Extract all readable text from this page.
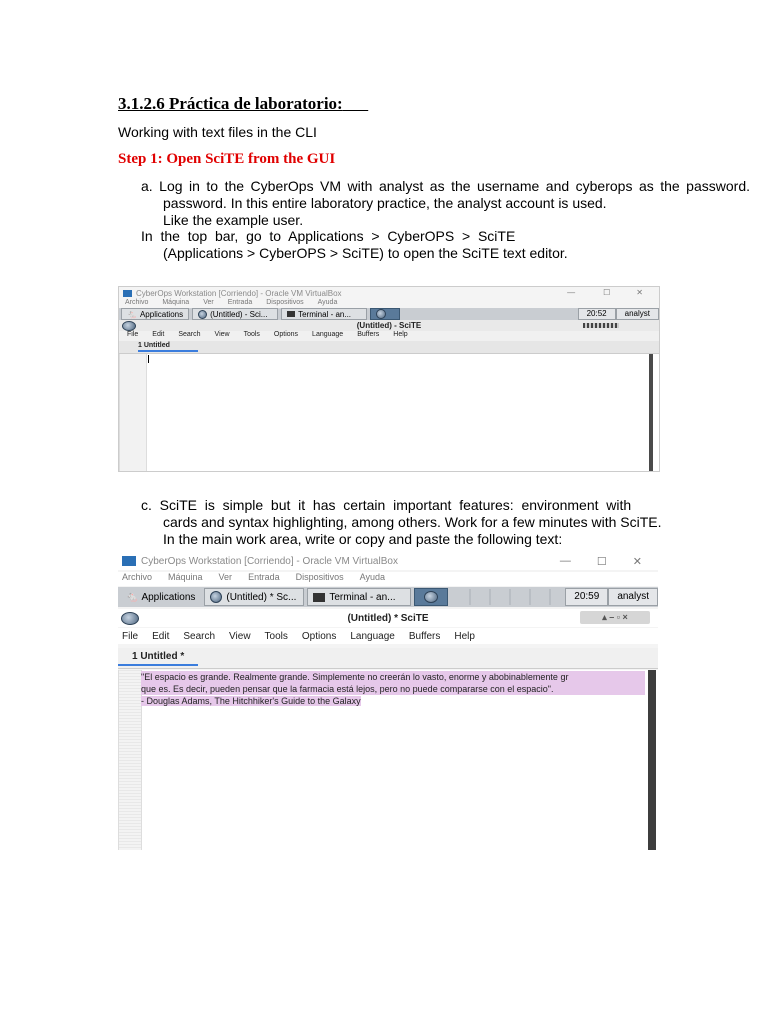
3.1.2.6 Práctica de laboratorio:
Working with text files in the CLI
Step 1: Open SciTE from the GUI
a. Log in to the CyberOps VM with analyst as the username and cyberops as the password.
password. In this entire laboratory practice, the analyst account is used.
Like the example user.
In  the  top  bar,  go  to  Applications  >  CyberOPS  >  SciTE
(Applications > CyberOPS > SciTE) to open the SciTE text editor.
CyberOps Workstation [Corriendo] - Oracle VM VirtualBox	—	☐	✕
Archivo Máquina Ver Entrada Dispositivos Ayuda
🐁 Applications	(Untitled) - Sci...	Terminal - an...	20:52	analyst
(Untitled) - SciTE
File Edit Search View Tools Options Language Buffers Help
1 Untitled
c.  SciTE  is  simple  but  it  has  certain  important  features:  environment  with
cards and syntax highlighting, among others. Work for a few minutes with SciTE.
In the main work area, write or copy and paste the following text:
CyberOps Workstation [Corriendo] - Oracle VM VirtualBox	— ☐ ✕
Archivo Máquina Ver Entrada Dispositivos Ayuda
🐁 Applications	(Untitled) * Sc...	Terminal - an...	20:59	analyst
(Untitled) * SciTE	▴ – ▫ ×
File Edit Search View Tools Options Language Buffers Help
1 Untitled *
"El espacio es grande. Realmente grande. Simplemente no creerán lo vasto, enorme y abobinablemente gr
que es. Es decir, pueden pensar que la farmacia está lejos, pero no puede compararse con el espacio".
- Douglas Adams, The Hitchhiker's Guide to the Galaxy
